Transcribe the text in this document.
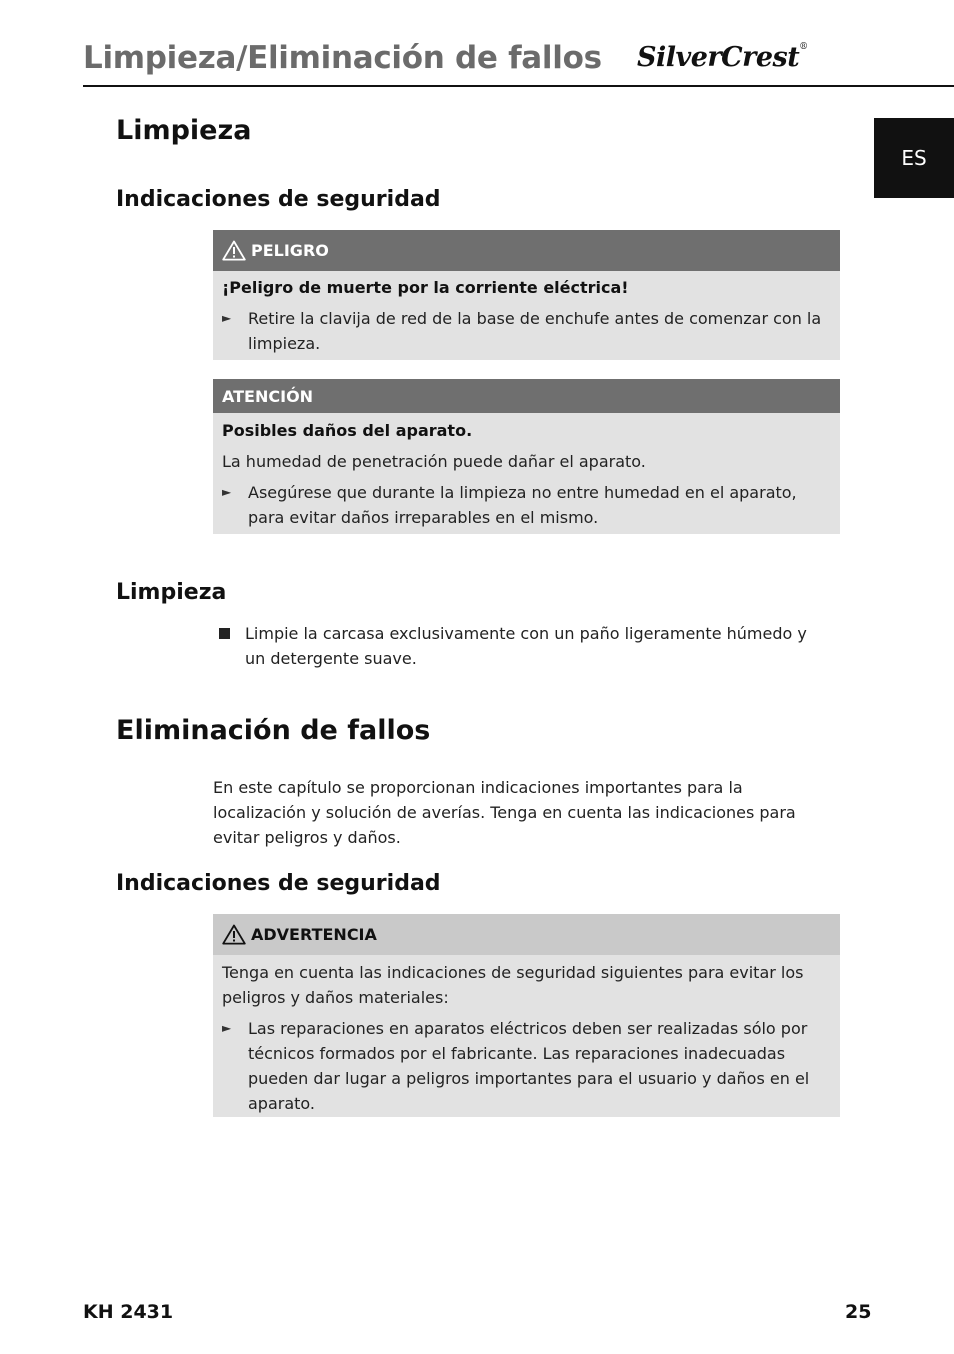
Limpieza/Eliminación de fallos SilverCrest®
ES
Limpieza
Indicaciones de seguridad
PELIGRO
¡Peligro de muerte por la corriente eléctrica!
► Retire la clavija de red de la base de enchufe antes de comenzar con la limpieza.
ATENCIÓN
Posibles daños del aparato.
La humedad de penetración puede dañar el aparato.
► Asegúrese que durante la limpieza no entre humedad en el aparato, para evitar daños irreparables en el mismo.
Limpieza
Limpie la carcasa exclusivamente con un paño ligeramente húmedo y un detergente suave.
Eliminación de fallos
En este capítulo se proporcionan indicaciones importantes para la localización y solución de averías. Tenga en cuenta las indicaciones para evitar peligros y daños.
Indicaciones de seguridad
ADVERTENCIA
Tenga en cuenta las indicaciones de seguridad siguientes para evitar los peligros y daños materiales:
► Las reparaciones en aparatos eléctricos deben ser realizadas sólo por técnicos formados por el fabricante. Las reparaciones inadecuadas pueden dar lugar a peligros importantes para el usuario y daños en el aparato.
KH 2431	25
